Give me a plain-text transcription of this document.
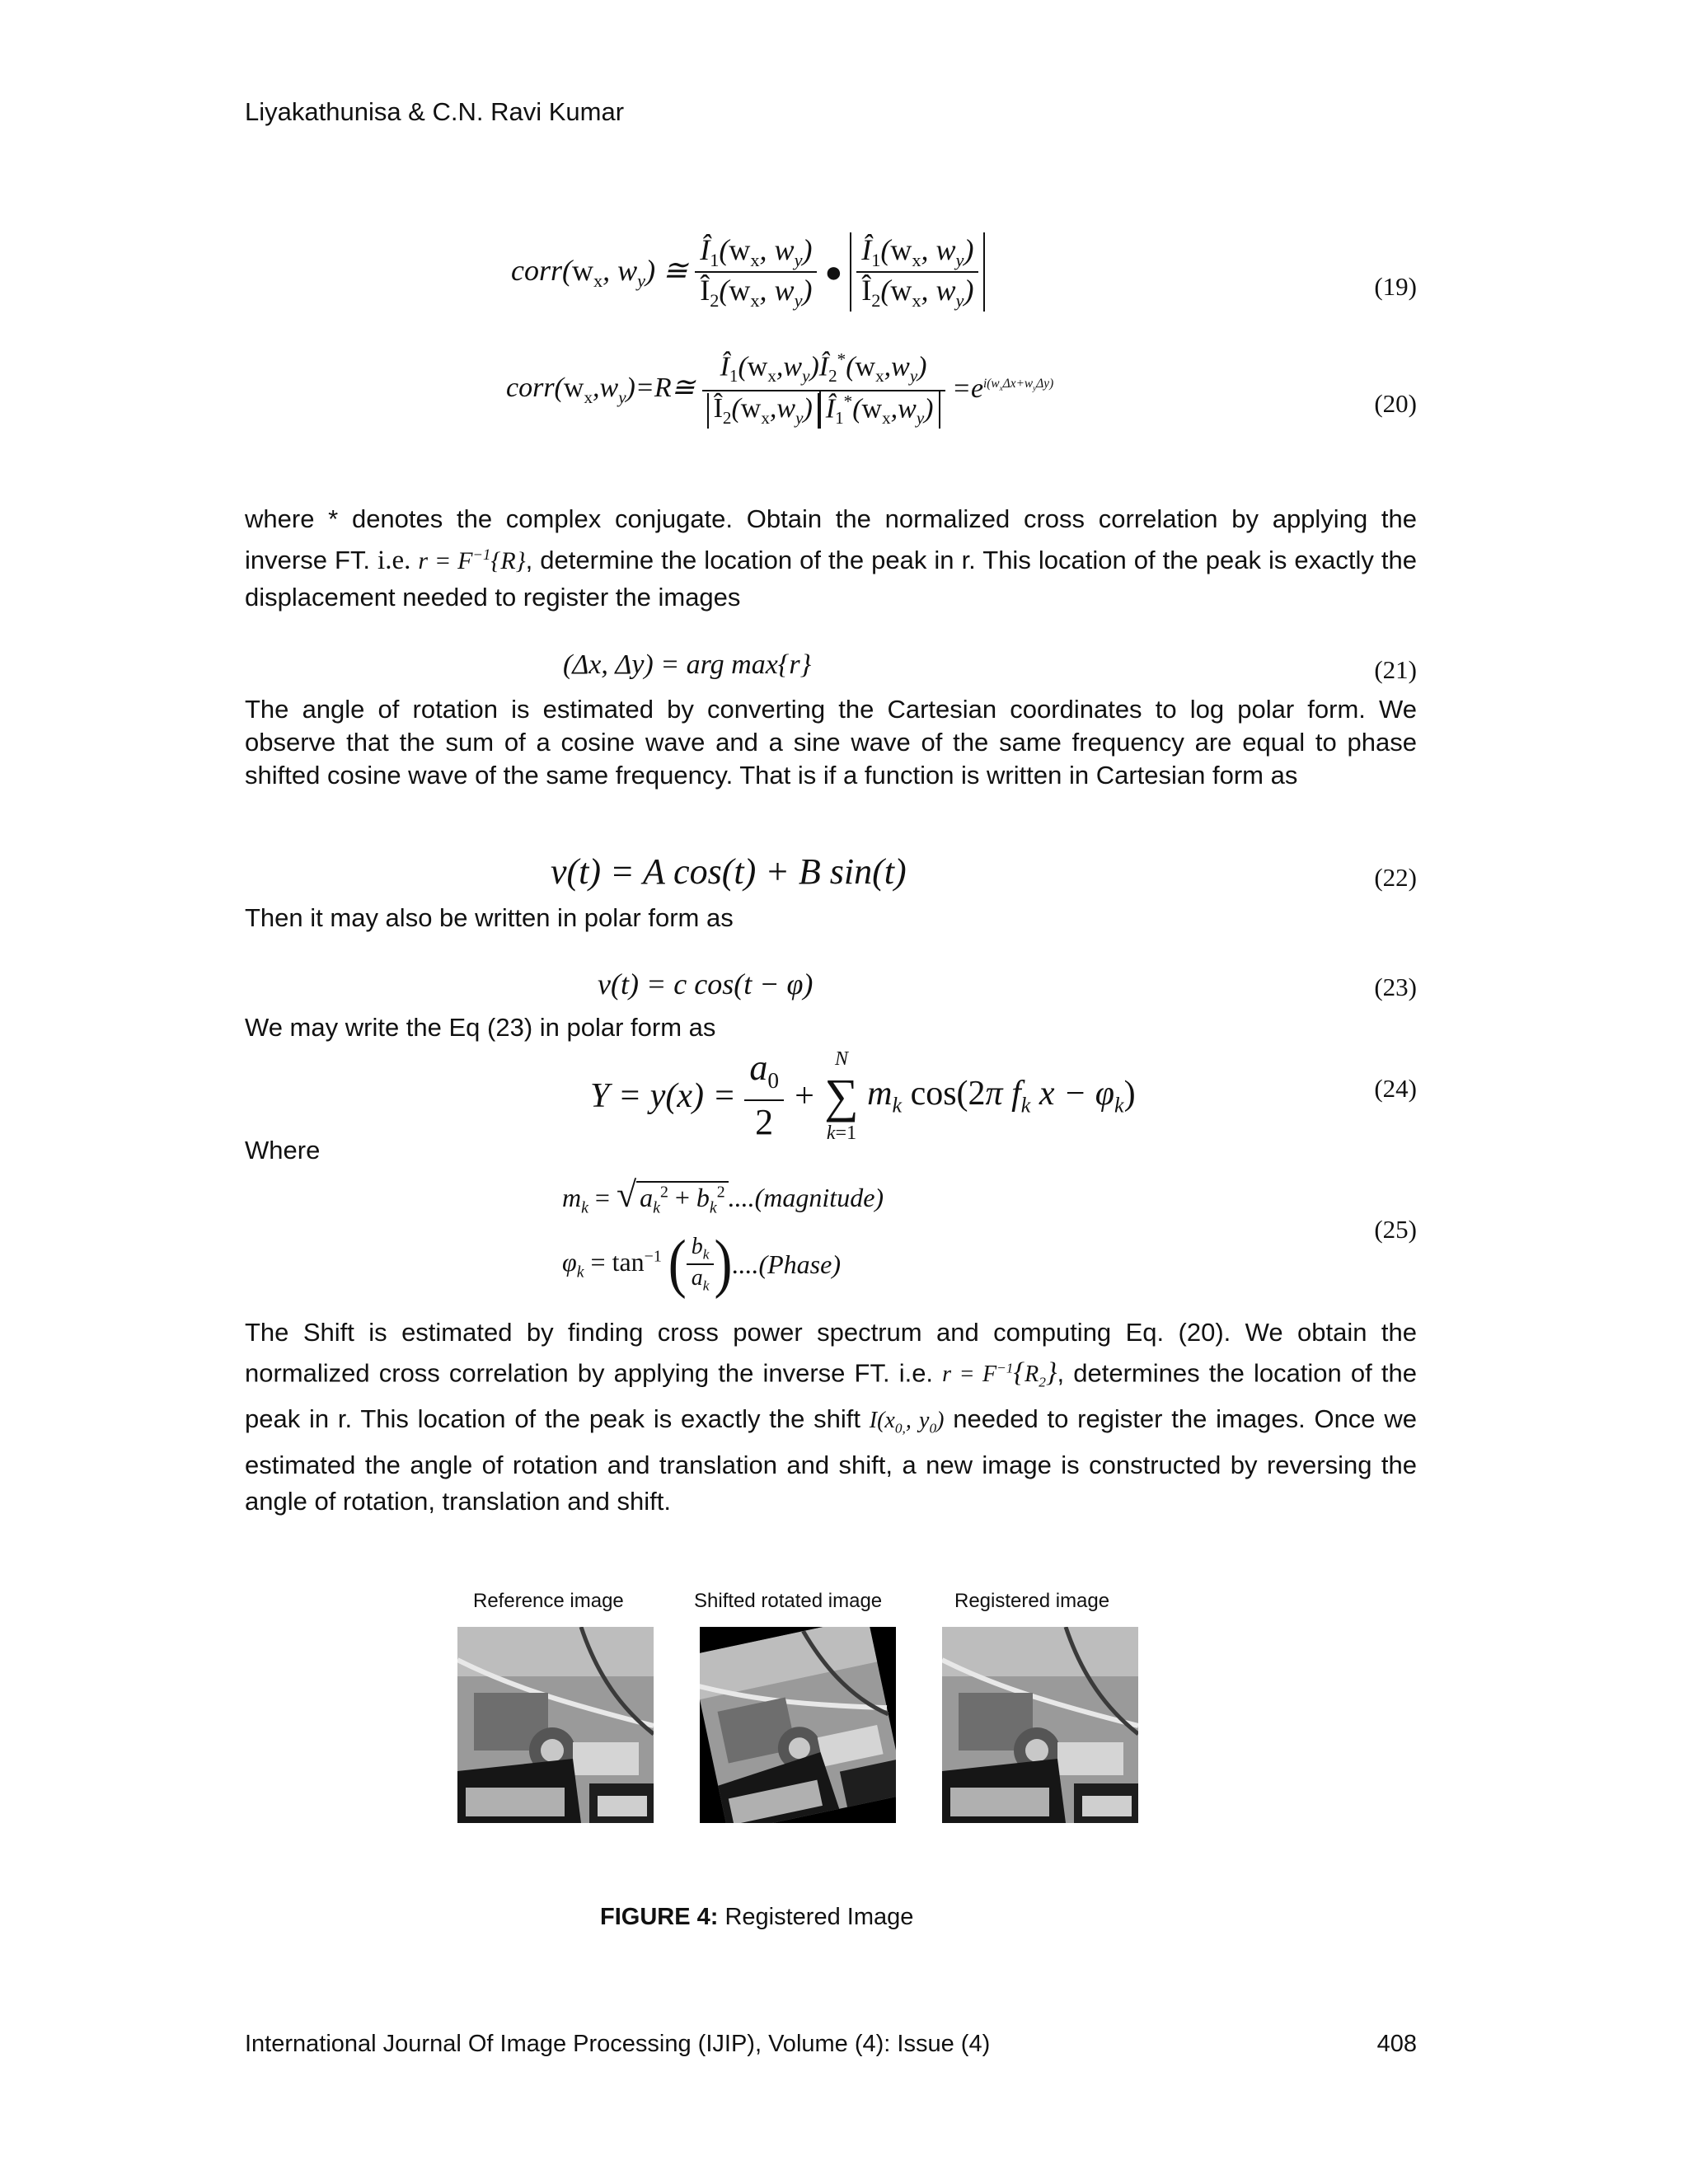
Liyakathunisa & C.N. Ravi Kumar
$corr(w_x$, $w_y$) ≅ $\frac{Î_1(w_x, w_y)}{Î_2(w_x, w_y)}$ ● $\frac{Î_1(w_x, w_y)}{Î_2(w_x, w_y)}$	(19)
$corr(w_x,w_y)=R≅ \frac{Î_1(w_x,w_y)Î_2^*(w_x,w_y)}{Î_2(w_x,w_y) Î_1^*(w_x,w_y)} =e^{i(w_x\Delta x+w_y\Delta y)}$
(20)
where * denotes the complex conjugate. Obtain the normalized cross correlation by applying the inverse FT. i.e. $r = F^{-1}\{R\}$, determine the location of the peak in r. This location of the peak is exactly the displacement needed to register the images
(Δx, Δy) = arg max{r}	(21)
The angle of rotation is estimated by converting the Cartesian coordinates to log polar form. We observe that the sum of a cosine wave and a sine wave of the same frequency are equal to phase shifted cosine wave of the same frequency. That is if a function is written in Cartesian form as
v(t) = A cos(t) + B sin(t)	(22)
Then it may also be written in polar form as
v(t) = c cos(t − φ)	(23)
We may write the Eq (23) in polar form as
$Y = y(x) = \frac{a_0}{2}$ +
N
∑
k=1
$m_k$ cos(2π $f_k$ $x - \varphi_k$)	(24)
Where
$m_k$ = √ $a_k^2 + b_k^2$ ....(magnitude)
$\varphi_k = \tan^{-1}$ ( $\frac{b_k}{a_k}$ )....(Phase)
(25)
The Shift is estimated by finding cross power spectrum and computing Eq. (20). We obtain the normalized cross correlation by applying the inverse FT. i.e. $r = F^{-1}\{R_2\}$, determines the location of the peak in r. This location of the peak is exactly the shift $I(x_{0,}$, $y_0$) needed to register the images. Once we estimated the angle of rotation and translation and shift, a new image is constructed by reversing the angle of rotation, translation and shift.
Reference image	Shifted rotated image	Registered image
FIGURE 4: Registered Image
International Journal Of Image Processing (IJIP), Volume (4): Issue (4)	408
